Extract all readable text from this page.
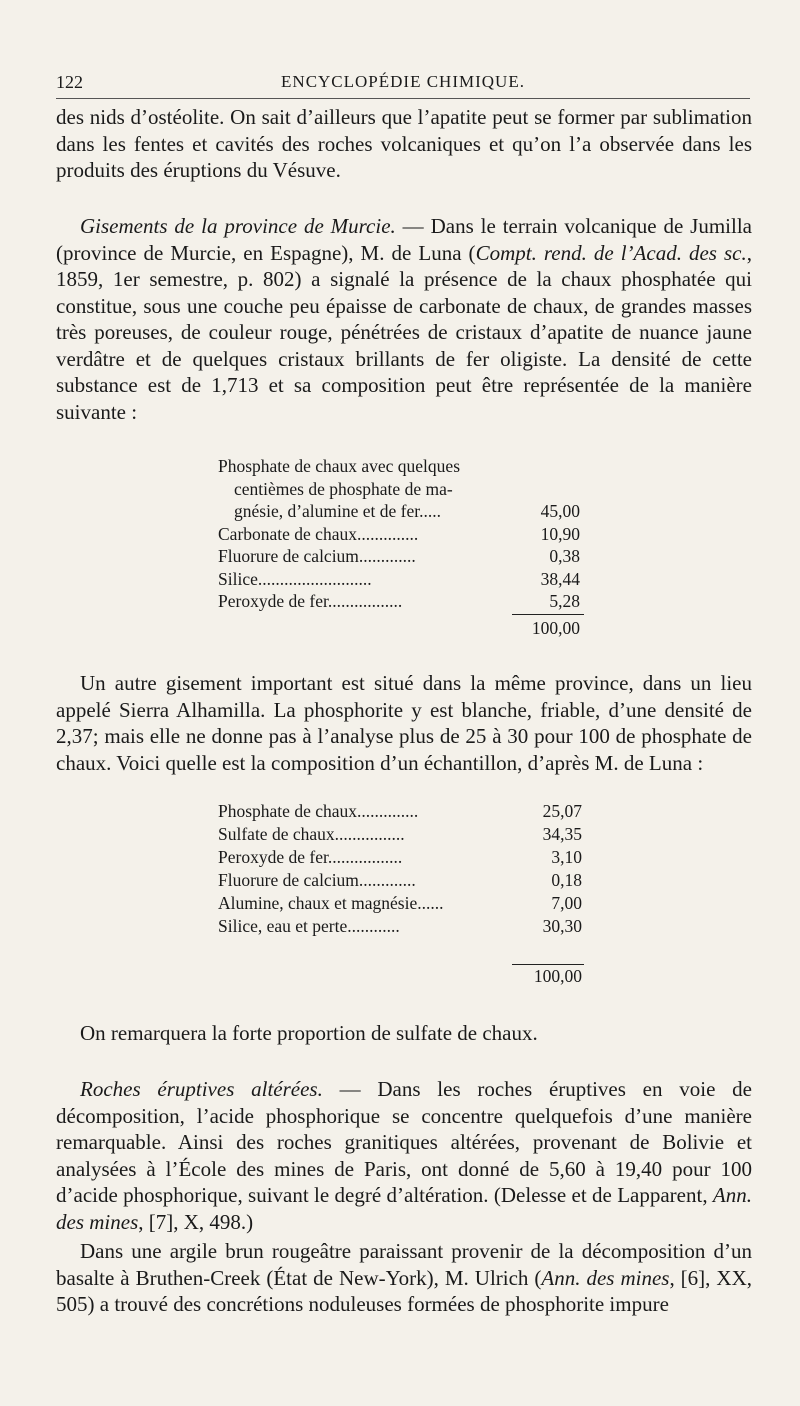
122	ENCYCLOPÉDIE CHIMIQUE.

des nids d’ostéolite. On sait d’ailleurs que l’apatite peut se former par sublimation dans les fentes et cavités des roches volcaniques et qu’on l’a observée dans les produits des éruptions du Vésuve.

Gisements de la province de Murcie. — Dans le terrain volcanique de Jumilla (province de Murcie, en Espagne), M. de Luna (Compt. rend. de l’Acad. des sc., 1859, 1er semestre, p. 802) a signalé la présence de la chaux phosphatée qui constitue, sous une couche peu épaisse de carbonate de chaux, de grandes masses très poreuses, de couleur rouge, pénétrées de cristaux d’apatite de nuance jaune verdâtre et de quelques cristaux brillants de fer oligiste. La densité de cette substance est de 1,713 et sa composition peut être représentée de la manière suivante :

Phosphate de chaux avec quelques
centièmes de phosphate de ma-
gnésie, d’alumine et de fer.....	45,00
Carbonate de chaux..............	10,90
Fluorure de calcium.............	0,38
Silice..........................	38,44
Peroxyde de fer.................	5,28
100,00

Un autre gisement important est situé dans la même province, dans un lieu appelé Sierra Alhamilla. La phosphorite y est blanche, friable, d’une densité de 2,37; mais elle ne donne pas à l’analyse plus de 25 à 30 pour 100 de phosphate de chaux. Voici quelle est la composition d’un échantillon, d’après M. de Luna :

Phosphate de chaux..............	25,07
Sulfate de chaux................	34,35
Peroxyde de fer.................	3,10
Fluorure de calcium.............	0,18
Alumine, chaux et magnésie......	7,00
Silice, eau et perte............	30,30
100,00

On remarquera la forte proportion de sulfate de chaux.

Roches éruptives altérées. — Dans les roches éruptives en voie de décomposition, l’acide phosphorique se concentre quelquefois d’une manière remarquable. Ainsi des roches granitiques altérées, provenant de Bolivie et analysées à l’École des mines de Paris, ont donné de 5,60 à 19,40 pour 100 d’acide phosphorique, suivant le degré d’altération. (Delesse et de Lapparent, Ann. des mines, [7], X, 498.)

Dans une argile brun rougeâtre paraissant provenir de la décomposition d’un basalte à Bruthen-Creek (État de New-York), M. Ulrich (Ann. des mines, [6], XX, 505) a trouvé des concrétions noduleuses formées de phosphorite impure
